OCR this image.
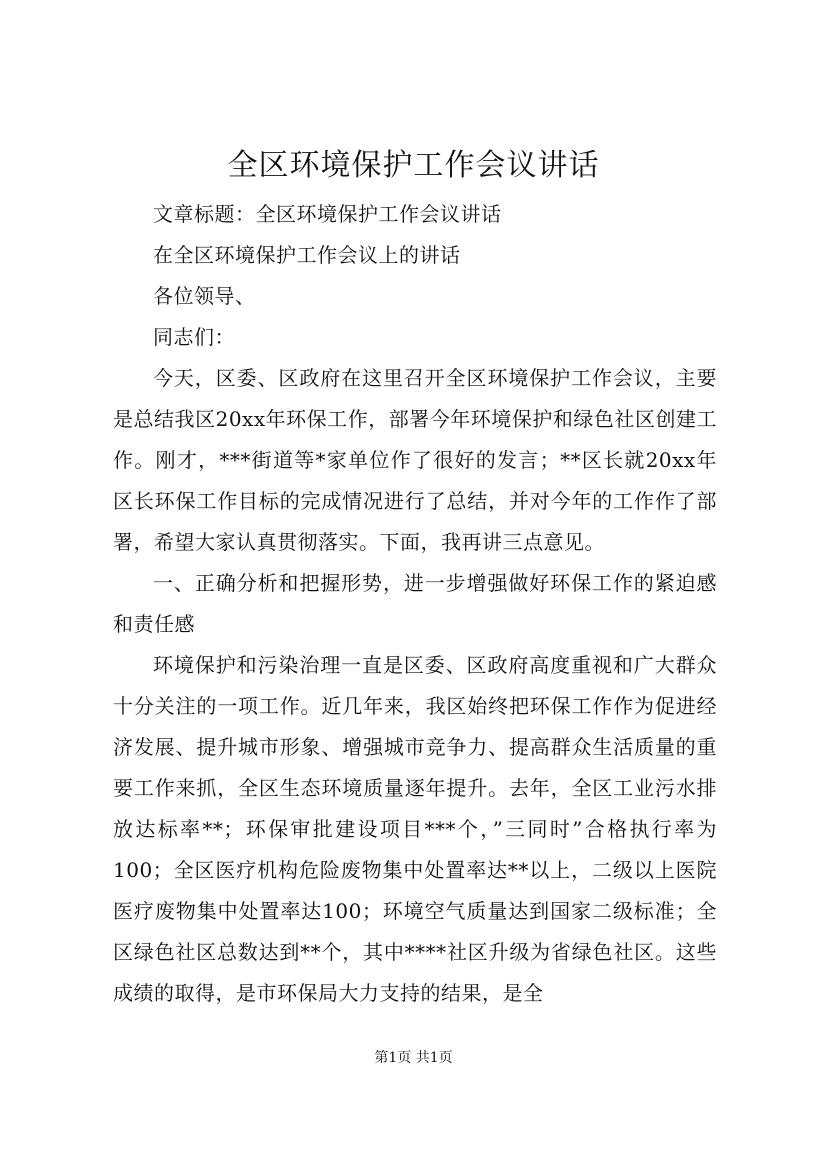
全区环境保护工作会议讲话

文章标题：全区环境保护工作会议讲话

在全区环境保护工作会议上的讲话

各位领导、

同志们：

今天，区委、区政府在这里召开全区环境保护工作会议，主要是总结我区20xx年环保工作，部署今年环境保护和绿色社区创建工作。刚才，***街道等*家单位作了很好的发言；**区长就20xx年区长环保工作目标的完成情况进行了总结，并对今年的工作作了部署，希望大家认真贯彻落实。下面，我再讲三点意见。

一、正确分析和把握形势，进一步增强做好环保工作的紧迫感和责任感

环境保护和污染治理一直是区委、区政府高度重视和广大群众十分关注的一项工作。近几年来，我区始终把环保工作作为促进经济发展、提升城市形象、增强城市竞争力、提高群众生活质量的重要工作来抓，全区生态环境质量逐年提升。去年，全区工业污水排放达标率**；环保审批建设项目***个，”三同时”合格执行率为100；全区医疗机构危险废物集中处置率达**以上，二级以上医院医疗废物集中处置率达100；环境空气质量达到国家二级标准；全区绿色社区总数达到**个，其中****社区升级为省绿色社区。这些成绩的取得，是市环保局大力支持的结果，是全

第1页 共1页
